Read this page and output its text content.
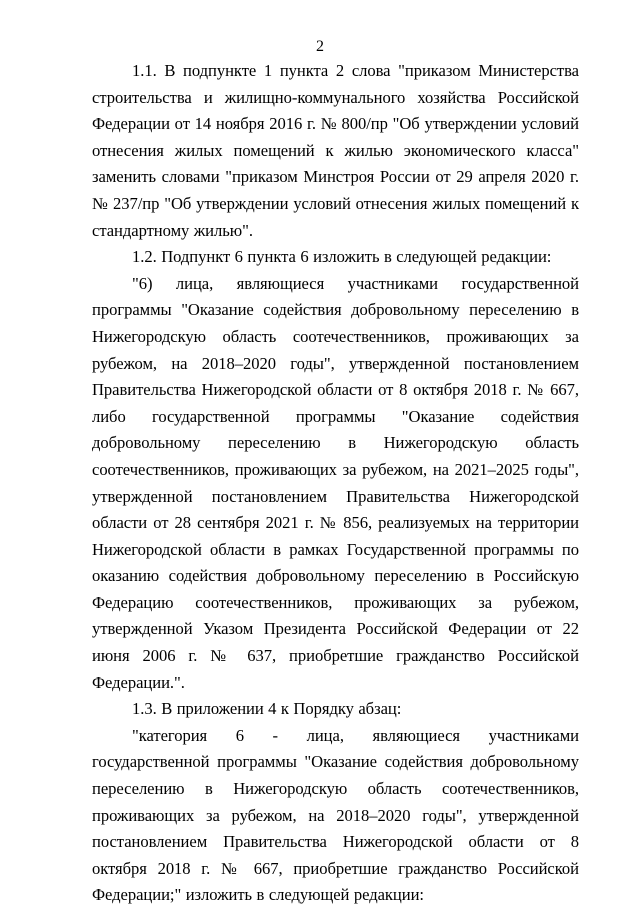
2

1.1. В подпункте 1 пункта 2 слова "приказом Министерства строительства и жилищно-коммунального хозяйства Российской Федерации от 14 ноября 2016 г. № 800/пр "Об утверждении условий отнесения жилых помещений к жилью экономического класса" заменить словами "приказом Минстроя России от 29 апреля 2020 г. № 237/пр "Об утверждении условий отнесения жилых помещений к стандартному жилью".

1.2. Подпункт 6 пункта 6 изложить в следующей редакции:

"6) лица, являющиеся участниками государственной программы "Оказание содействия добровольному переселению в Нижегородскую область соотечественников, проживающих за рубежом, на 2018–2020 годы", утвержденной постановлением Правительства Нижегородской области от 8 октября 2018 г. № 667, либо государственной программы "Оказание содействия добровольному переселению в Нижегородскую область соотечественников, проживающих за рубежом, на 2021–2025 годы", утвержденной постановлением Правительства Нижегородской области от 28 сентября 2021 г. № 856, реализуемых на территории Нижегородской области в рамках Государственной программы по оказанию содействия добровольному переселению в Российскую Федерацию соотечественников, проживающих за рубежом, утвержденной Указом Президента Российской Федерации от 22 июня 2006 г. № 637, приобретшие гражданство Российской Федерации.".

1.3. В приложении 4 к Порядку абзац:

"категория 6 - лица, являющиеся участниками государственной программы "Оказание содействия добровольному переселению в Нижегородскую область соотечественников, проживающих за рубежом, на 2018–2020 годы", утвержденной постановлением Правительства Нижегородской области от 8 октября 2018 г. № 667, приобретшие гражданство Российской Федерации;" изложить в следующей редакции:
